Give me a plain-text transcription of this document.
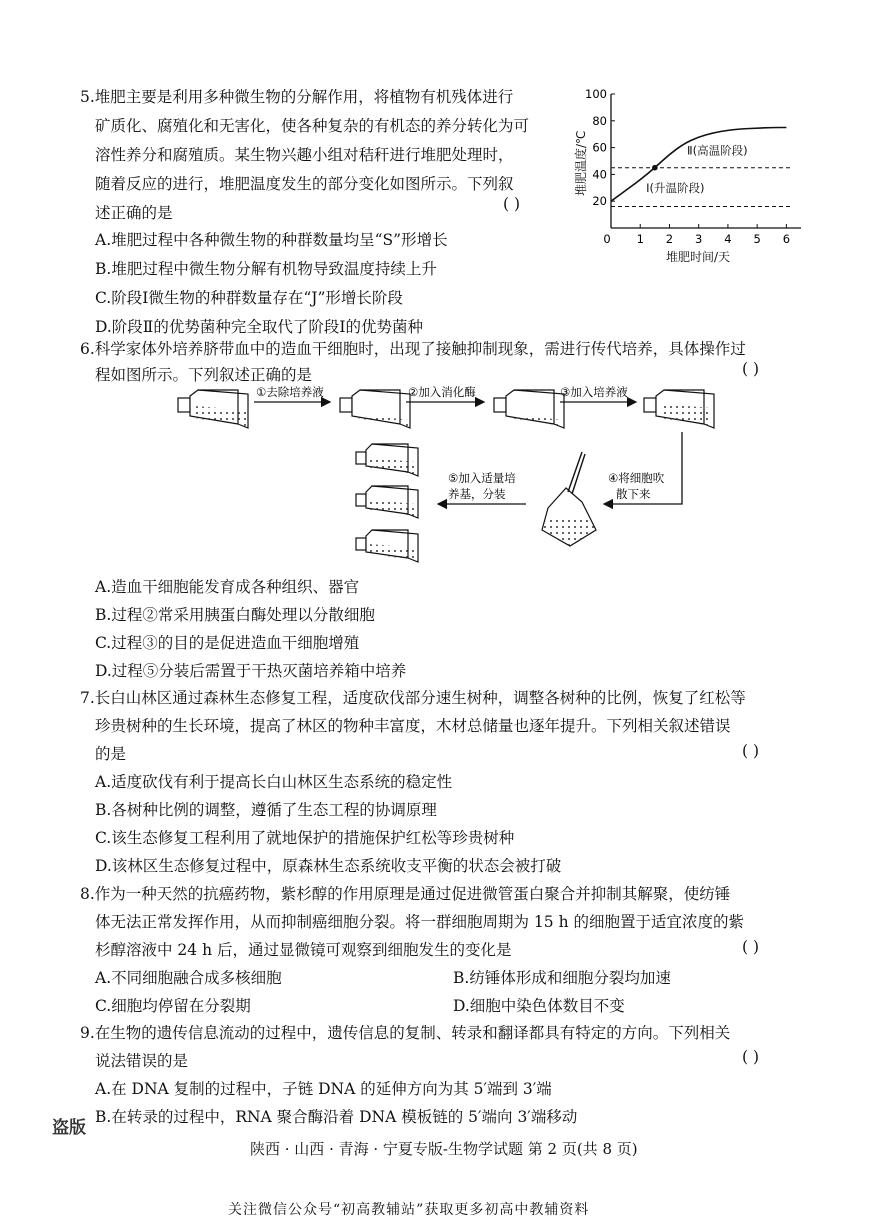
5.堆肥主要是利用多种微生物的分解作用，将植物有机残体进行
矿质化、腐殖化和无害化，使各种复杂的有机态的养分转化为可
溶性养分和腐殖质。某生物兴趣小组对秸秆进行堆肥处理时，
随着反应的进行，堆肥温度发生的部分变化如图所示。下列叙
述正确的是	( )
A.堆肥过程中各种微生物的种群数量均呈“S”形增长
B.堆肥过程中微生物分解有机物导致温度持续上升
C.阶段Ⅰ微生物的种群数量存在“J”形增长阶段
D.阶段Ⅱ的优势菌种完全取代了阶段Ⅰ的优势菌种
0 1 2 3 4 5 6
20
40
60
80
100
Ⅱ(高温阶段)
Ⅰ(升温阶段)
堆肥时间/天
堆肥温度/℃
6.科学家体外培养脐带血中的造血干细胞时，出现了接触抑制现象，需进行传代培养，具体操作过
程如图所示。下列叙述正确的是	( )
①去除培养液	②加入消化酶	③加入培养液
④将细胞吹
散下来
⑤加入适量培
养基，分装
A.造血干细胞能发育成各种组织、器官
B.过程②常采用胰蛋白酶处理以分散细胞
C.过程③的目的是促进造血干细胞增殖
D.过程⑤分装后需置于干热灭菌培养箱中培养
7.长白山林区通过森林生态修复工程，适度砍伐部分速生树种，调整各树种的比例，恢复了红松等
珍贵树种的生长环境，提高了林区的物种丰富度，木材总储量也逐年提升。下列相关叙述错误
的是	( )
A.适度砍伐有利于提高长白山林区生态系统的稳定性
B.各树种比例的调整，遵循了生态工程的协调原理
C.该生态修复工程利用了就地保护的措施保护红松等珍贵树种
D.该林区生态修复过程中，原森林生态系统收支平衡的状态会被打破
8.作为一种天然的抗癌药物，紫杉醇的作用原理是通过促进微管蛋白聚合并抑制其解聚，使纺锤
体无法正常发挥作用，从而抑制癌细胞分裂。将一群细胞周期为 15 h 的细胞置于适宜浓度的紫
杉醇溶液中 24 h 后，通过显微镜可观察到细胞发生的变化是	( )
A.不同细胞融合成多核细胞	B.纺锤体形成和细胞分裂均加速
C.细胞均停留在分裂期	D.细胞中染色体数目不变
9.在生物的遗传信息流动的过程中，遗传信息的复制、转录和翻译都具有特定的方向。下列相关
说法错误的是	( )
A.在 DNA 复制的过程中，子链 DNA 的延伸方向为其 5′端到 3′端
B.在转录的过程中，RNA 聚合酶沿着 DNA 模板链的 5′端向 3′端移动
盗版
陕西 · 山西 · 青海 · 宁夏专版-生物学试题 第 2 页(共 8 页)
关注微信公众号“初高教辅站”获取更多初高中教辅资料
